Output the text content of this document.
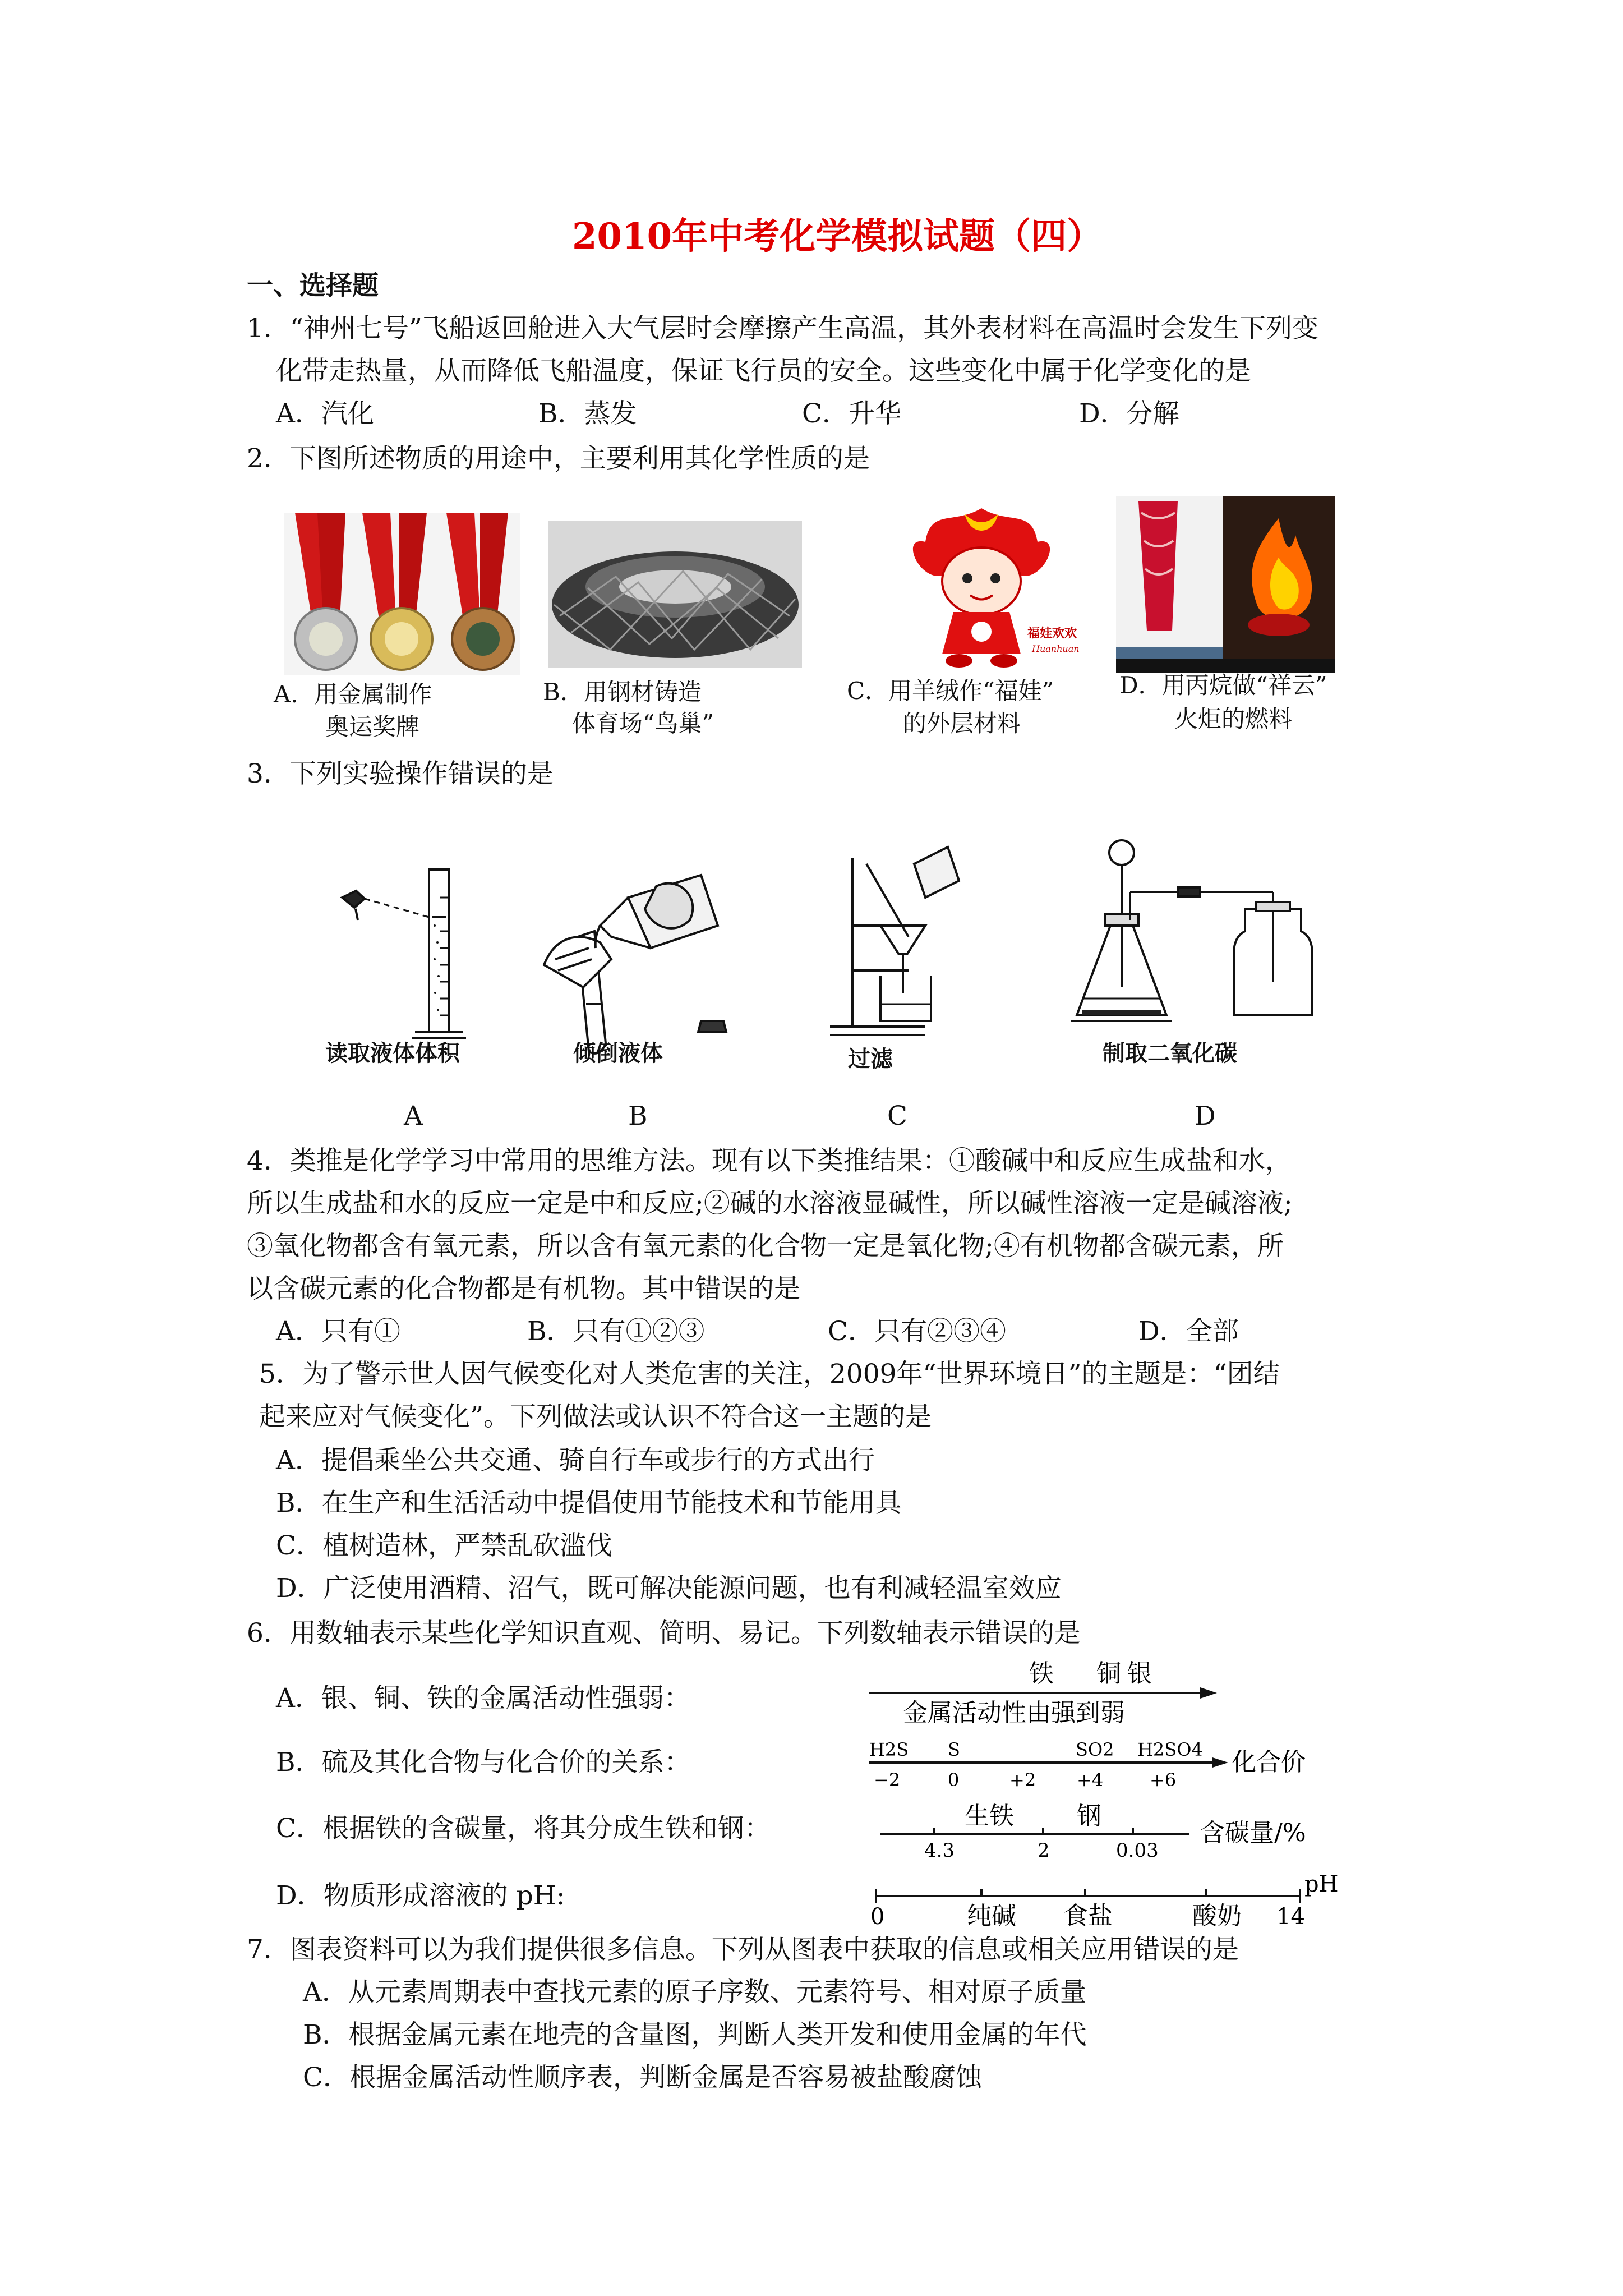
2010年中考化学模拟试题（四）
一、选择题
1．“神州七号”飞船返回舱进入大气层时会摩擦产生高温，其外表材料在高温时会发生下列变
化带走热量，从而降低飞船温度，保证飞行员的安全。这些变化中属于化学变化的是
A．汽化	B．蒸发	C．升华	D．分解
2．下图所述物质的用途中，主要利用其化学性质的是
A．用金属制作
奥运奖牌
B．用钢材铸造
体育场“鸟巢”
福娃欢欢
Huanhuan
C．用羊绒作“福娃”
的外层材料
D．用丙烷做“祥云”
火炬的燃料
3．下列实验操作错误的是
读取液体体积	倾倒液体	过滤	制取二氧化碳
A	B	C	D
4．类推是化学学习中常用的思维方法。现有以下类推结果：①酸碱中和反应生成盐和水，
所以生成盐和水的反应一定是中和反应;②碱的水溶液显碱性，所以碱性溶液一定是碱溶液;
③氧化物都含有氧元素，所以含有氧元素的化合物一定是氧化物;④有机物都含碳元素，所
以含碳元素的化合物都是有机物。其中错误的是
A．只有①	B．只有①②③	C．只有②③④	D．全部
5．为了警示世人因气候变化对人类危害的关注，2009年“世界环境日”的主题是：“团结
起来应对气候变化”。下列做法或认识不符合这一主题的是
A．提倡乘坐公共交通、骑自行车或步行的方式出行
B．在生产和生活活动中提倡使用节能技术和节能用具
C．植树造林，严禁乱砍滥伐
D．广泛使用酒精、沼气，既可解决能源问题，也有利减轻温室效应
6．用数轴表示某些化学知识直观、简明、易记。下列数轴表示错误的是
A．银、铜、铁的金属活动性强弱：
B．硫及其化合物与化合价的关系：
C．根据铁的含碳量，将其分成生铁和钢：
D．物质形成溶液的 pH:
铁 铜 银
金属活动性由强到弱
H2S S	SO2 H2SO4
−2	0	+2 +4	+6
化合价
生铁	钢
4.3	2	0.03
含碳量/%
0	纯碱 食盐	酸奶 14
pH
7．图表资料可以为我们提供很多信息。下列从图表中获取的信息或相关应用错误的是
A．从元素周期表中查找元素的原子序数、元素符号、相对原子质量
B．根据金属元素在地壳的含量图，判断人类开发和使用金属的年代
C．根据金属活动性顺序表，判断金属是否容易被盐酸腐蚀
